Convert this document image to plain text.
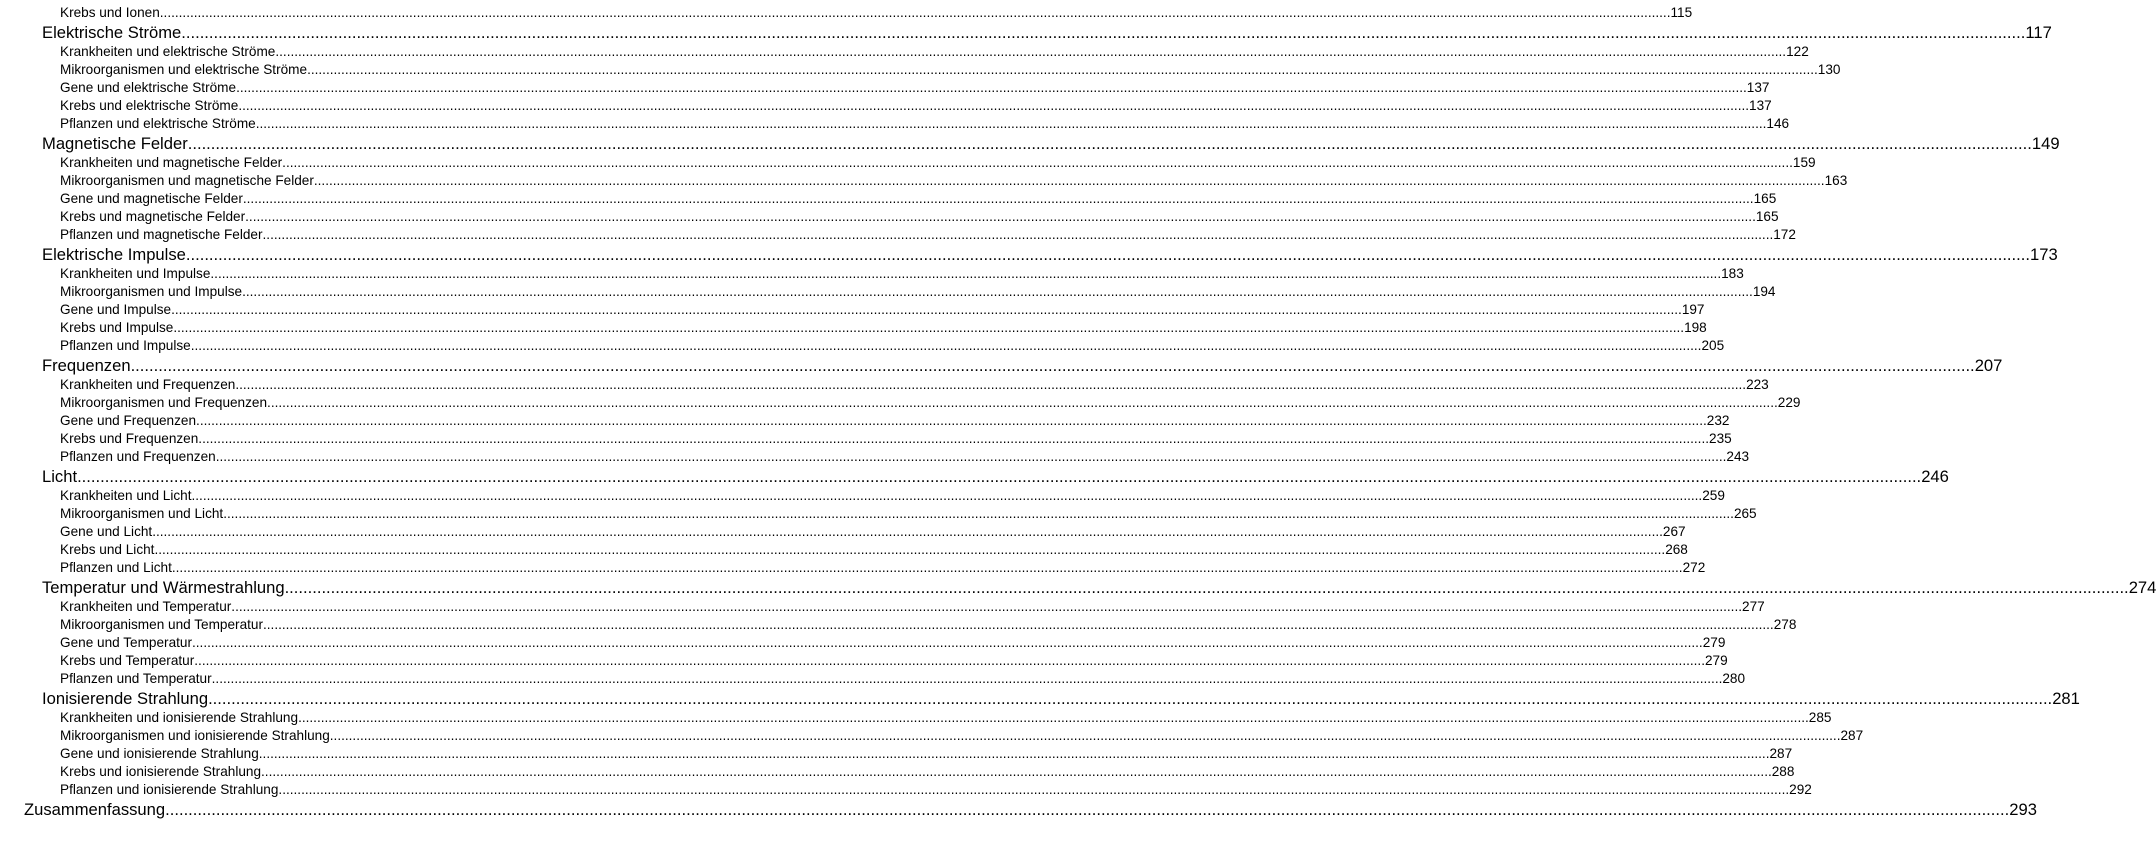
Krebs und Ionen ................................................................................................................................................................................................................................................................................................................................................................................................................ 115
Elektrische Ströme ................................................................................................................................................................................................................................................................................................................................................................................................................ 117
Krankheiten und elektrische Ströme ................................................................................................................................................................................................................................................................................................................................................................................................................ 122
Mikroorganismen und elektrische Ströme ................................................................................................................................................................................................................................................................................................................................................................................................................ 130
Gene und elektrische Ströme ................................................................................................................................................................................................................................................................................................................................................................................................................ 137
Krebs und elektrische Ströme ................................................................................................................................................................................................................................................................................................................................................................................................................ 137
Pflanzen und elektrische Ströme ................................................................................................................................................................................................................................................................................................................................................................................................................ 146
Magnetische Felder ................................................................................................................................................................................................................................................................................................................................................................................................................ 149
Krankheiten und magnetische Felder ................................................................................................................................................................................................................................................................................................................................................................................................................ 159
Mikroorganismen und magnetische Felder ................................................................................................................................................................................................................................................................................................................................................................................................................ 163
Gene und magnetische Felder ................................................................................................................................................................................................................................................................................................................................................................................................................ 165
Krebs und magnetische Felder ................................................................................................................................................................................................................................................................................................................................................................................................................ 165
Pflanzen und magnetische Felder ................................................................................................................................................................................................................................................................................................................................................................................................................ 172
Elektrische Impulse ................................................................................................................................................................................................................................................................................................................................................................................................................ 173
Krankheiten und Impulse ................................................................................................................................................................................................................................................................................................................................................................................................................ 183
Mikroorganismen und Impulse ................................................................................................................................................................................................................................................................................................................................................................................................................ 194
Gene und Impulse ................................................................................................................................................................................................................................................................................................................................................................................................................ 197
Krebs und Impulse ................................................................................................................................................................................................................................................................................................................................................................................................................ 198
Pflanzen und Impulse ................................................................................................................................................................................................................................................................................................................................................................................................................ 205
Frequenzen ................................................................................................................................................................................................................................................................................................................................................................................................................ 207
Krankheiten und Frequenzen ................................................................................................................................................................................................................................................................................................................................................................................................................ 223
Mikroorganismen und Frequenzen ................................................................................................................................................................................................................................................................................................................................................................................................................ 229
Gene und Frequenzen ................................................................................................................................................................................................................................................................................................................................................................................................................ 232
Krebs und Frequenzen ................................................................................................................................................................................................................................................................................................................................................................................................................ 235
Pflanzen und Frequenzen ................................................................................................................................................................................................................................................................................................................................................................................................................ 243
Licht ................................................................................................................................................................................................................................................................................................................................................................................................................ 246
Krankheiten und Licht ................................................................................................................................................................................................................................................................................................................................................................................................................ 259
Mikroorganismen und Licht ................................................................................................................................................................................................................................................................................................................................................................................................................ 265
Gene und Licht ................................................................................................................................................................................................................................................................................................................................................................................................................ 267
Krebs und Licht ................................................................................................................................................................................................................................................................................................................................................................................................................ 268
Pflanzen und Licht ................................................................................................................................................................................................................................................................................................................................................................................................................ 272
Temperatur und Wärmestrahlung ................................................................................................................................................................................................................................................................................................................................................................................................................ 274
Krankheiten und Temperatur ................................................................................................................................................................................................................................................................................................................................................................................................................ 277
Mikroorganismen und Temperatur ................................................................................................................................................................................................................................................................................................................................................................................................................ 278
Gene und Temperatur ................................................................................................................................................................................................................................................................................................................................................................................................................ 279
Krebs und Temperatur ................................................................................................................................................................................................................................................................................................................................................................................................................ 279
Pflanzen und Temperatur ................................................................................................................................................................................................................................................................................................................................................................................................................ 280
Ionisierende Strahlung ................................................................................................................................................................................................................................................................................................................................................................................................................ 281
Krankheiten und ionisierende Strahlung ................................................................................................................................................................................................................................................................................................................................................................................................................ 285
Mikroorganismen und ionisierende Strahlung ................................................................................................................................................................................................................................................................................................................................................................................................................ 287
Gene und ionisierende Strahlung ................................................................................................................................................................................................................................................................................................................................................................................................................ 287
Krebs und ionisierende Strahlung ................................................................................................................................................................................................................................................................................................................................................................................................................ 288
Pflanzen und ionisierende Strahlung ................................................................................................................................................................................................................................................................................................................................................................................................................ 292
Zusammenfassung ................................................................................................................................................................................................................................................................................................................................................................................................................ 293
